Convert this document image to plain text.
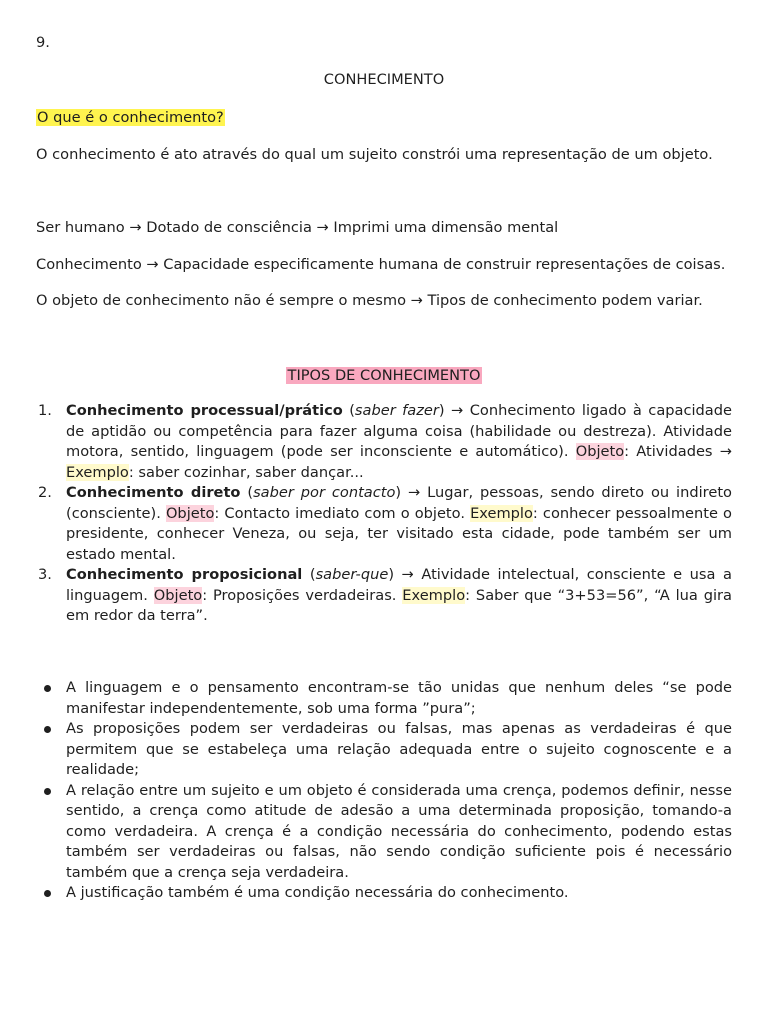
9.
CONHECIMENTO
O que é o conhecimento?
O conhecimento é ato através do qual um sujeito constrói uma representação de um objeto.
Ser humano → Dotado de consciência → Imprimi uma dimensão mental
Conhecimento → Capacidade especificamente humana de construir representações de coisas.
O objeto de conhecimento não é sempre o mesmo → Tipos de conhecimento podem variar.
TIPOS DE CONHECIMENTO
1. Conhecimento processual/prático (saber fazer) → Conhecimento ligado à capacidade de aptidão ou competência para fazer alguma coisa (habilidade ou destreza). Atividade motora, sentido, linguagem (pode ser inconsciente e automático). Objeto: Atividades → Exemplo: saber cozinhar, saber dançar...
2. Conhecimento direto (saber por contacto) → Lugar, pessoas, sendo direto ou indireto (consciente). Objeto: Contacto imediato com o objeto. Exemplo: conhecer pessoalmente o presidente, conhecer Veneza, ou seja, ter visitado esta cidade, pode também ser um estado mental.
3. Conhecimento proposicional (saber-que) → Atividade intelectual, consciente e usa a linguagem. Objeto: Proposições verdadeiras. Exemplo: Saber que “3+53=56”, “A lua gira em redor da terra”.
A linguagem e o pensamento encontram-se tão unidas que nenhum deles “se pode manifestar independentemente, sob uma forma ”pura”;
As proposições podem ser verdadeiras ou falsas, mas apenas as verdadeiras é que permitem que se estabeleça uma relação adequada entre o sujeito cognoscente e a realidade;
A relação entre um sujeito e um objeto é considerada uma crença, podemos definir, nesse sentido, a crença como atitude de adesão a uma determinada proposição, tomando-a como verdadeira. A crença é a condição necessária do conhecimento, podendo estas também ser verdadeiras ou falsas, não sendo condição suficiente pois é necessário também que a crença seja verdadeira.
A justificação também é uma condição necessária do conhecimento.
